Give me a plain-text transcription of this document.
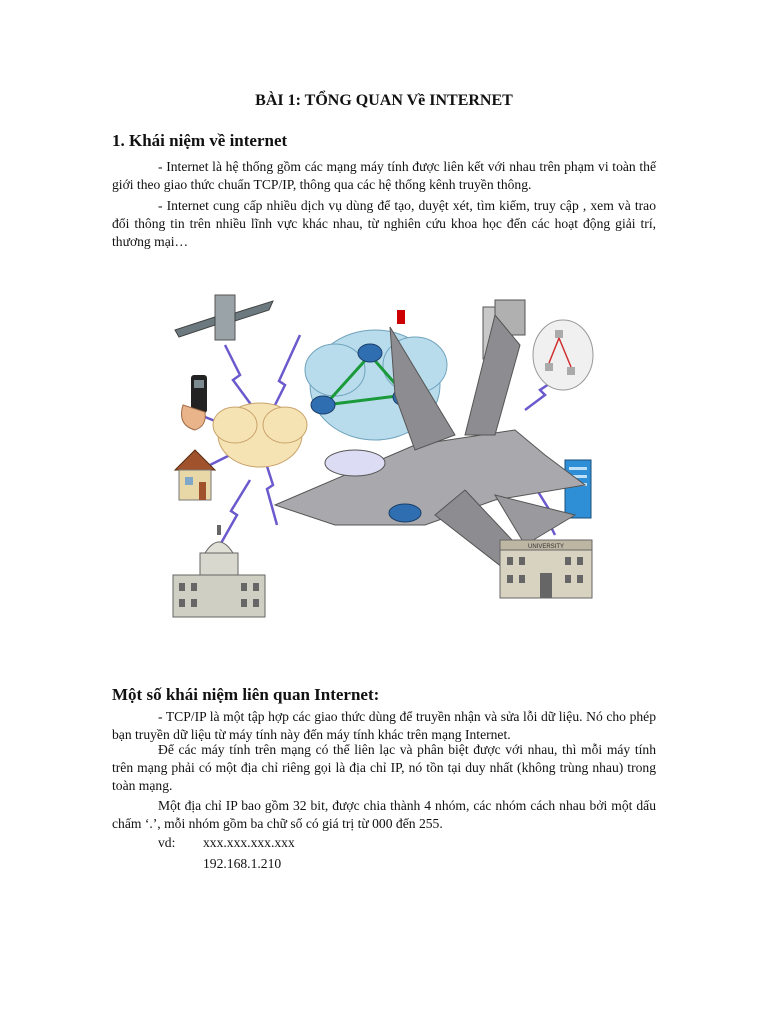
BÀI 1: TỔNG QUAN Về INTERNET
1. Khái niệm về internet
- Internet là hệ thống gồm các mạng máy tính được liên kết với nhau trên phạm vi toàn thế giới theo giao thức chuẩn TCP/IP, thông qua các hệ thống kênh truyền thông.
- Internet cung cấp nhiều dịch vụ dùng để tạo, duyệt xét, tìm kiếm, truy cập , xem và trao đổi thông tin trên nhiều lĩnh vực khác nhau, từ nghiên cứu khoa học đến các hoạt động giải trí, thương mại…
UNIVERSITY
Một số khái niệm liên quan Internet:
- TCP/IP là một tập hợp các giao thức dùng để truyền nhận và sửa lỗi dữ liệu. Nó cho phép bạn truyền dữ liệu từ máy tính này đến máy tính khác trên mạng Internet.
Để các máy tính trên mạng có thể liên lạc và phân biệt được với nhau, thì mỗi máy tính trên mạng phải có một địa chỉ riêng gọi là địa chỉ IP, nó tồn tại duy nhất (không trùng nhau) trong toàn mạng.
Một địa chỉ IP bao gồm 32 bit, được chia thành 4 nhóm, các nhóm cách nhau bởi một dấu chấm ‘.’, mỗi nhóm gồm ba chữ số có giá trị từ 000 đến 255.
vd: xxx.xxx.xxx.xxx
192.168.1.210
